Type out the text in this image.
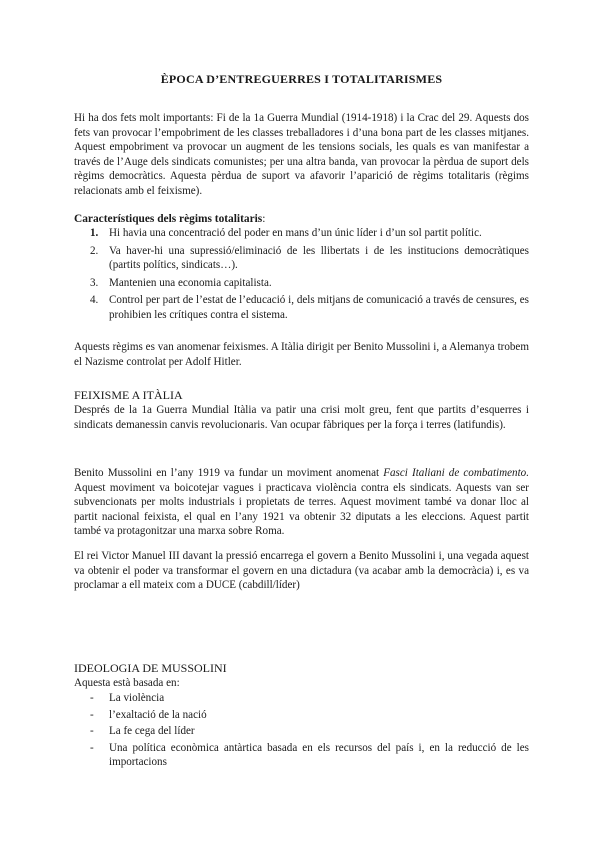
ÈPOCA D’ENTREGUERRES I TOTALITARISMES

Hi ha dos fets molt importants: Fi de la 1a Guerra Mundial (1914-1918) i la Crac del 29. Aquests dos fets van provocar l’empobriment de les classes treballadores i d’una bona part de les classes mitjanes. Aquest empobriment va provocar un augment de les tensions socials, les quals es van manifestar a través de l’Auge dels sindicats comunistes; per una altra banda, van provocar la pèrdua de suport dels règims democràtics. Aquesta pèrdua de suport va afavorir l’aparició de règims totalitaris (règims relacionats amb el feixisme).

Característiques dels règims totalitaris:
1. Hi havia una concentració del poder en mans d’un únic líder i d’un sol partit polític.
2. Va haver-hi una supressió/eliminació de les llibertats i de les institucions democràtiques (partits polítics, sindicats…).
3. Mantenien una economia capitalista.
4. Control per part de l’estat de l’educació i, dels mitjans de comunicació a través de censures, es prohibien les crítiques contra el sistema.

Aquests règims es van anomenar feixismes. A Itàlia dirigit per Benito Mussolini i, a Alemanya trobem el Nazisme controlat per Adolf Hitler.

FEIXISME A ITÀLIA

Després de la 1a Guerra Mundial Itàlia va patir una crisi molt greu, fent que partits d’esquerres i sindicats demanessin canvis revolucionaris. Van ocupar fàbriques per la força i terres (latifundis).

Benito Mussolini en l’any 1919 va fundar un moviment anomenat Fasci Italiani de combatimento. Aquest moviment va boicotejar vagues i practicava violència contra els sindicats. Aquests van ser subvencionats per molts industrials i propietats de terres. Aquest moviment també va donar lloc al partit nacional feixista, el qual en l’any 1921 va obtenir 32 diputats a les eleccions. Aquest partit també va protagonitzar una marxa sobre Roma.

El rei Victor Manuel III davant la pressió encarrega el govern a Benito Mussolini i, una vegada aquest va obtenir el poder va transformar el govern en una dictadura (va acabar amb la democràcia) i, es va proclamar a ell mateix com a DUCE (cabdill/líder)

IDEOLOGIA DE MUSSOLINI
Aquesta està basada en:
- La violència
- l’exaltació de la nació
- La fe cega del líder
- Una política econòmica antàrtica basada en els recursos del país i, en la reducció de les importacions
